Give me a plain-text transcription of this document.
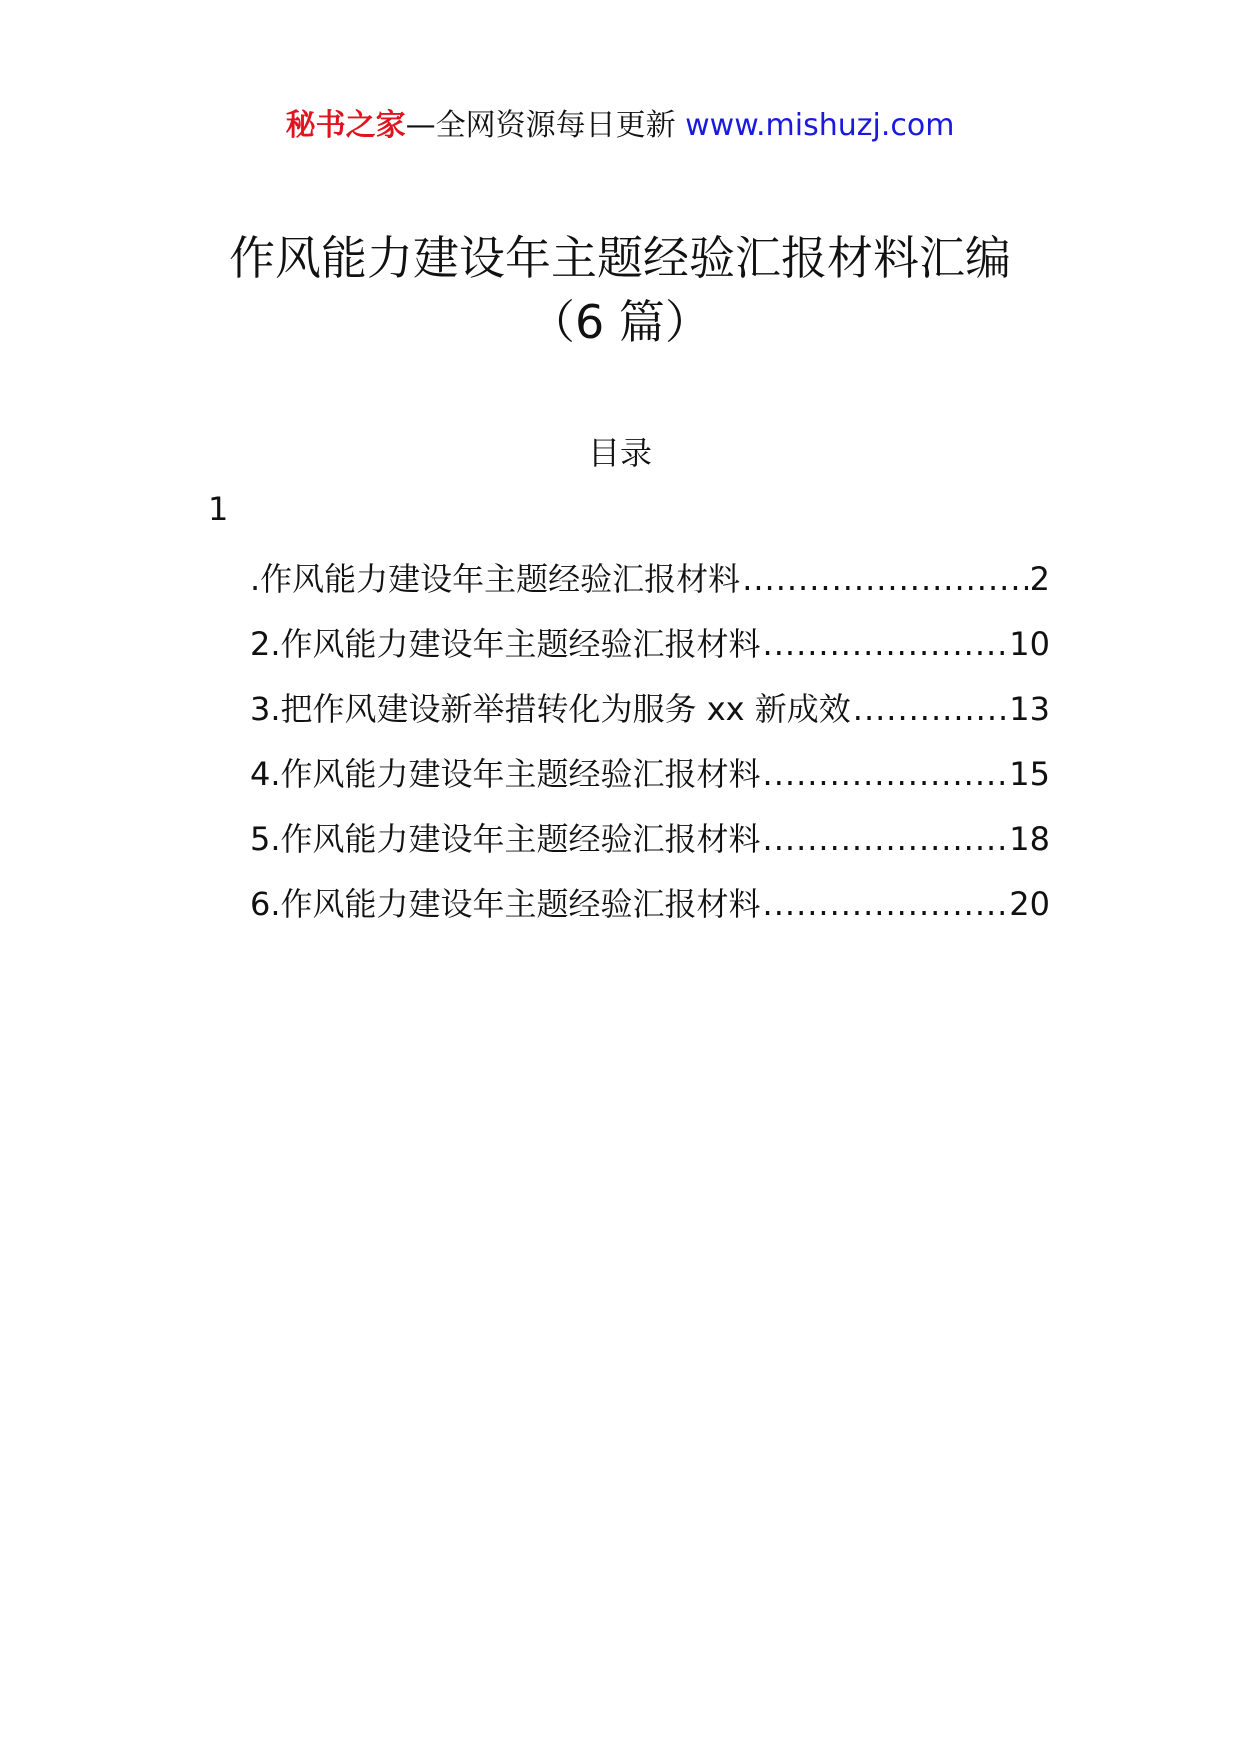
秘书之家—全网资源每日更新 www.mishuzj.com
作风能力建设年主题经验汇报材料汇编
（6 篇）
目录
1
.作风能力建设年主题经验汇报材料 .....	2
2.作风能力建设年主题经验汇报材料 .....	10
3.把作风建设新举措转化为服务 xx 新成效 .....	13
4.作风能力建设年主题经验汇报材料 .....	15
5.作风能力建设年主题经验汇报材料 .....	18
6.作风能力建设年主题经验汇报材料 .....	20
